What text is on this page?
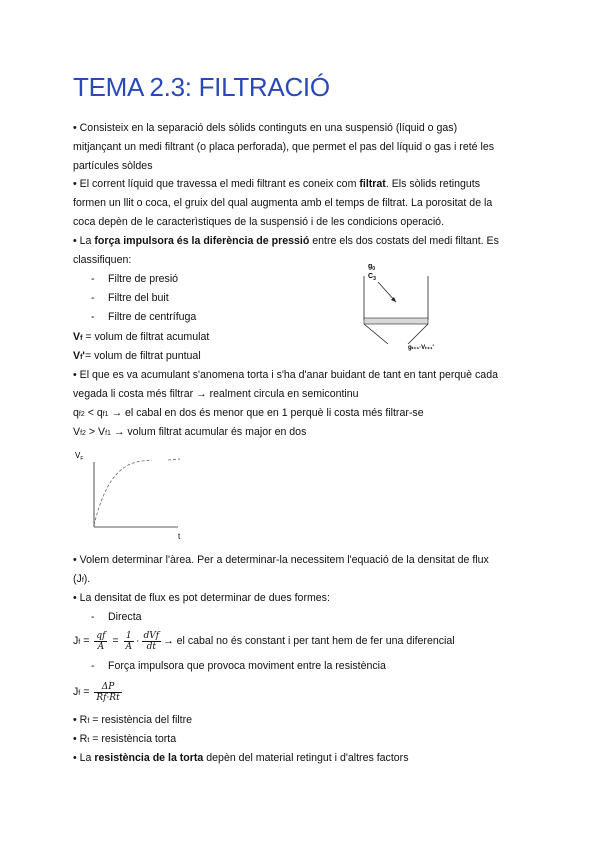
TEMA 2.3: FILTRACIÓ
• Consisteix en la separació dels sòlids continguts en una suspensió (líquid o gas)
mitjançant un medi filtrant (o placa perforada), que permet el pas del líquid o gas i reté les
partícules sòldes
• El corrent líquid que travessa el medi filtrant es coneix com filtrat. Els sòlids retinguts
formen un llit o coca, el gruix del qual augmenta amb el temps de filtrat. La porositat de la
coca depèn de le caracterìstiques de la suspensió i de les condicions operació.
• La força impulsora és la diferència de pressió entre els dos costats del medi filtant. Es
classifiquen:
- Filtre de presió
- Filtre del buit
- Filtre de centrífuga
Vf = volum de filtrat acumulat
Vf'= volum de filtrat puntual
$g_0$
$C_3$
gₜ₊₁·Vₜ₊₁'
• El que es va acumulant s'anomena torta i s'ha d'anar buidant de tant en tant perquè cada
vegada li costa més filtrar → realment circula en semicontinu
qf2 < qf1 → el cabal en dos és menor que en 1 perquè li costa més filtrar-se
Vf2 > Vf1 → volum filtrat acumular és major en dos
$V_F$
t
• Volem determinar l'àrea. Per a determinar-la necessitem l'equació de la densitat de flux
(Jf).
• La densitat de flux es pot determinar de dues formes:
- Directa
$Jf = \frac{qf}{A} = \frac{1}{A} \cdot \frac{\text{dVf}}{dt}$ → el cabal no és constant i per tant hem de fer una diferencial
- Força impulsora que provoca moviment entre la resistència
$Jf = \frac{\Delta P}{Rf\cdot Rt}$
• Rf = resistència del filtre
• Rt = resistència torta
• La resistència de la torta depèn del material retingut i d'altres factors
